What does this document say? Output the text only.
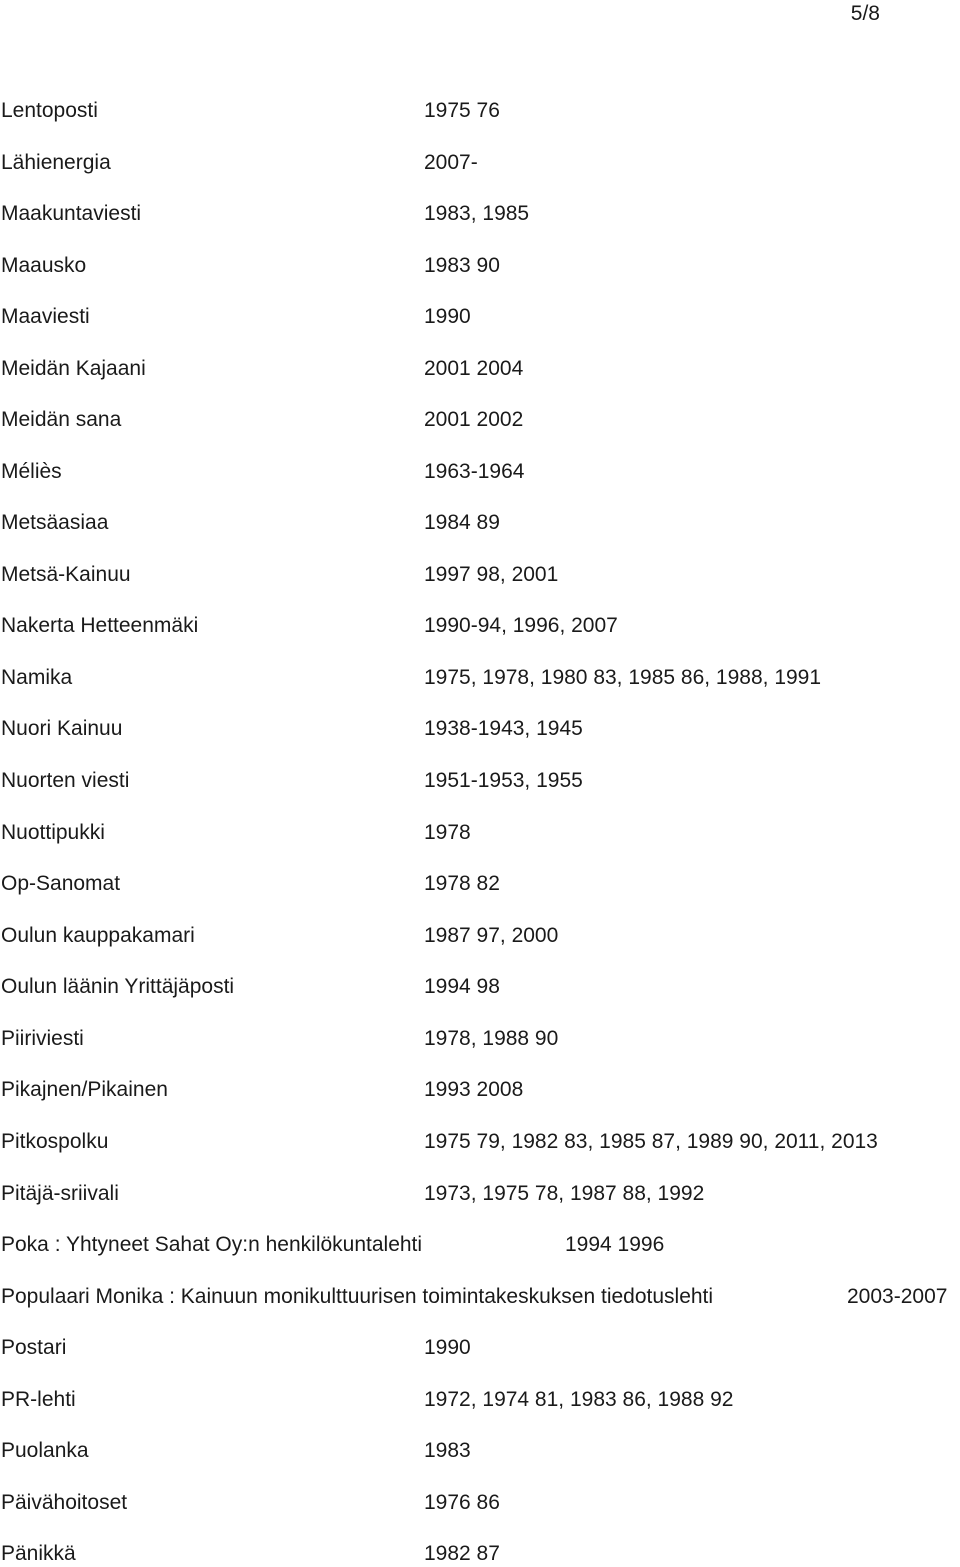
5/8
Lentoposti	1975 76
Lähienergia	2007-
Maakuntaviesti	1983, 1985
Maausko	1983 90
Maaviesti	1990
Meidän Kajaani	2001 2004
Meidän sana	2001 2002
Méliès	1963-1964
Metsäasiaa	1984 89
Metsä-Kainuu	1997 98, 2001
Nakerta Hetteenmäki	1990-94, 1996, 2007
Namika	1975, 1978, 1980 83, 1985 86, 1988, 1991
Nuori Kainuu	1938-1943, 1945
Nuorten viesti	1951-1953, 1955
Nuottipukki	1978
Op-Sanomat	1978 82
Oulun kauppakamari	1987 97, 2000
Oulun läänin Yrittäjäposti	1994 98
Piiriviesti	1978, 1988 90
Pikajnen/Pikainen	1993 2008
Pitkospolku	1975 79, 1982 83, 1985 87, 1989 90, 2011, 2013
Pitäjä-sriivali	1973, 1975 78, 1987 88, 1992
Poka : Yhtyneet Sahat Oy:n henkilökuntalehti	1994 1996
Populaari Monika : Kainuun monikulttuurisen toimintakeskuksen tiedotuslehti	2003-2007
Postari	1990
PR-lehti	1972, 1974 81, 1983 86, 1988 92
Puolanka	1983
Päivähoitoset	1976 86
Pänikkä	1982 87
